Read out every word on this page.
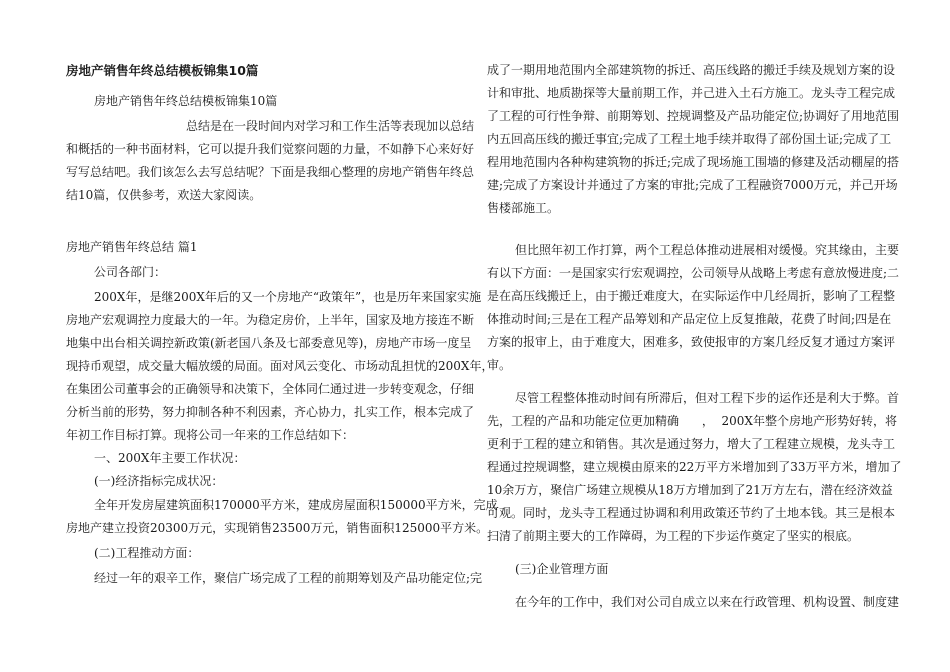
房地产销售年终总结模板锦集10篇
房地产销售年终总结模板锦集10篇
总结是在一段时间内对学习和工作生活等表现加以总结
和概括的一种书面材料，它可以提升我们觉察问题的力量，不如静下心来好好
写写总结吧。我们该怎么去写总结呢？下面是我细心整理的房地产销售年终总
结10篇，仅供参考，欢送大家阅读。
房地产销售年终总结 篇1
公司各部门：
200X年，是继200X年后的又一个房地产“政策年”，也是历年来国家实施
房地产宏观调控力度最大的一年。为稳定房价，上半年，国家及地方接连不断
地集中出台相关调控新政策(新老国八条及七部委意见等)，房地产市场一度呈
现持币观望，成交量大幅放缓的局面。面对风云变化、市场动乱担忧的200X年，
在集团公司董事会的正确领导和决策下，全体同仁通过进一步转变观念，仔细
分析当前的形势，努力抑制各种不利因素，齐心协力，扎实工作，根本完成了
年初工作目标打算。现将公司一年来的工作总结如下：
一、200X年主要工作状况：
(一)经济指标完成状况：
全年开发房屋建筑面积170000平方米，建成房屋面积150000平方米，完成
房地产建立投资20300万元，实现销售23500万元，销售面积125000平方米。
(二)工程推动方面：
经过一年的艰辛工作，聚信广场完成了工程的前期筹划及产品功能定位;完
成了一期用地范围内全部建筑物的拆迁、高压线路的搬迁手续及规划方案的设
计和审批、地质勘探等大量前期工作，并己进入土石方施工。龙头寺工程完成
了工程的可行性争辩、前期筹划、控规调整及产品功能定位;协调好了用地范围
内五回高压线的搬迁事宜;完成了工程土地手续并取得了部份国土证;完成了工
程用地范围内各种构建筑物的拆迁;完成了现场施工围墙的修建及活动棚屋的搭
建;完成了方案设计并通过了方案的审批;完成了工程融资7000万元，并己开场
售楼部施工。
但比照年初工作打算，两个工程总体推动进展相对缓慢。究其缘由，主要
有以下方面：一是国家实行宏观调控，公司领导从战略上考虑有意放慢进度;二
是在高压线搬迁上，由于搬迁难度大，在实际运作中几经周折，影响了工程整
体推动时间;三是在工程产品筹划和产品定位上反复推敲，花费了时间;四是在
方案的报审上，由于难度大，困难多，致使报审的方案几经反复才通过方案评
审。
尽管工程整体推动时间有所滞后，但对工程下步的运作还是利大于弊。首
先，工程的产品和功能定位更加精确      ，  200X年整个房地产形势好转，将
更利于工程的建立和销售。其次是通过努力，增大了工程建立规模，龙头寺工
程通过控规调整，建立规模由原来的22万平方米增加到了33万平方米，增加了
10余万方，聚信广场建立规模从18万方增加到了21万方左右，潜在经济效益
可观。同时，龙头寺工程通过协调和利用政策还节约了土地本钱。其三是根本
扫清了前期主要大的工作障碍，为工程的下步运作奠定了坚实的根底。
(三)企业管理方面
在今年的工作中，我们对公司自成立以来在行政管理、机构设置、制度建
